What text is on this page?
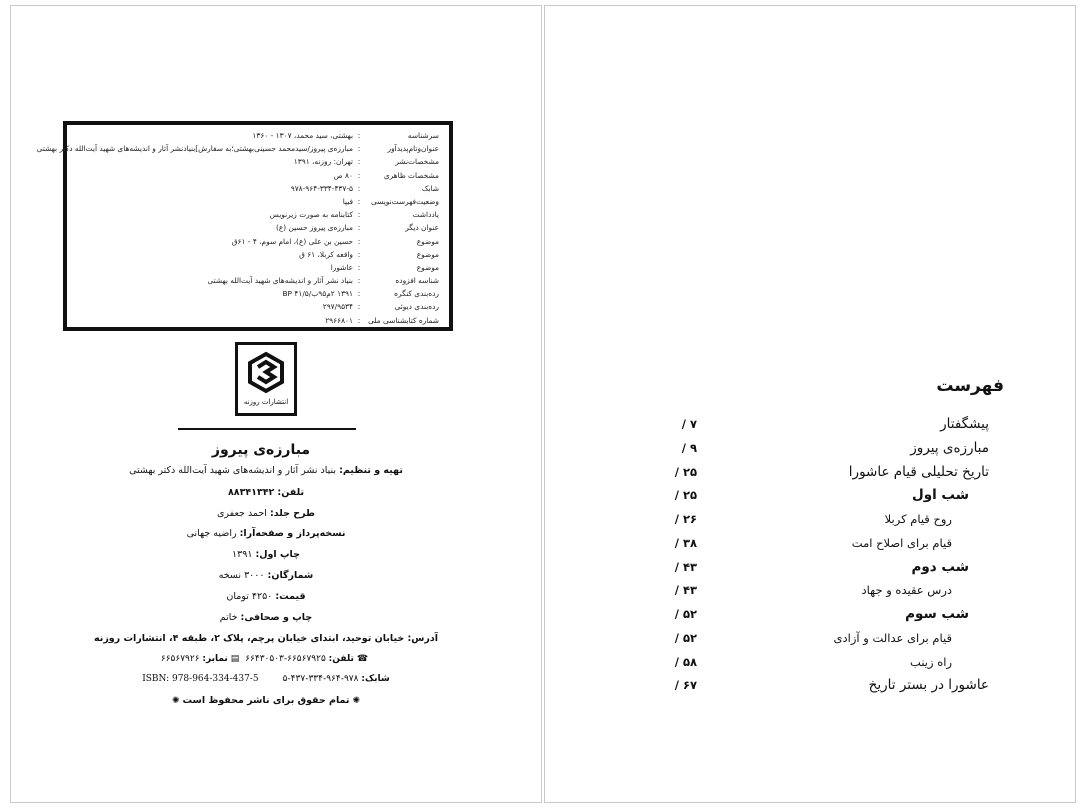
سرشناسه
:
بهشتی، سید محمد، ۱۳۰۷ - ۱۳۶۰
عنوان‌وتام‌پدیدآور
:
مبارزه‌ی پیروز/سیدمحمد حسینی‌بهشتی؛به سفارش]بنیادنشر آثار و اندیشه‌های شهید آیت‌الله دکتر بهشتی
مشخصات‌نشر
:
تهران: روزنه، ۱۳۹۱
مشخصات ظاهری
:
۸۰ ص
شابک
:
۹۷۸-۹۶۴-۳۳۴-۴۳۷-۵
وضعیت‌فهرست‌نویسی
:
فیپا
یادداشت
:
کتابنامه به صورت زیرنویس
عنوان دیگر
:
مبارزه‌ی پیروز حسین (ع)
موضوع
:
حسین بن علی (ع)، امام سوم، ۴ - ۶۱ق
موضوع
:
واقعه کربلا، ۶۱ ق
موضوع
:
عاشورا
شناسه افزوده
:
بنیاد نشر آثار و اندیشه‌های شهید آیت‌الله بهشتی
رده‌بندی کنگره
:
۱۳۹۱ ۲م۹۵ب/۴۱/۵ BP
رده‌بندی دیوئی
:
۲۹۷/۹۵۳۴
شماره کتابشناسی ملی
:
۲۹۶۶۸۰۱
انتشارات روزنه
مبارزه‌ی پیروز
تهیه و تنظیم: بنیاد نشر آثار و اندیشه‌های شهید آیت‌الله دکتر بهشتی
تلفن: ۸۸۳۴۱۳۴۲
طرح جلد: احمد جعفری
نسخه‌پرداز و صفحه‌آرا: راضیه جهانی
چاپ اول: ۱۳۹۱
شمارگان: ۳۰۰۰ نسخه
قیمت: ۴۲۵۰ تومان
چاپ و صحافی: خاتم
آدرس: خیابان توحید، ابتدای خیابان پرچم، پلاک ۲، طبقه ۴، انتشارات روزنه
☎تلفن: ۶۶۵۶۷۹۲۵-۶۶۴۳۰۵۰۳ ▤نمابر: ۶۶۵۶۷۹۲۶
شابک: ۹۷۸-۹۶۴-۳۳۴-۴۳۷-۵ISBN: 978-964-334-437-5
✺تمام حقوق برای ناشر محفوظ است✺
فهرست
پیشگفتار
۷ /
مبارزه‌ی پیروز
۹ /
تاریخ تحلیلی قیام عاشورا
۲۵ /
شب اول
۲۵ /
روح قیام کربلا
۲۶ /
قیام برای اصلاح امت
۳۸ /
شب دوم
۴۳ /
درس عقیده و جهاد
۴۳ /
شب سوم
۵۲ /
قیام برای عدالت و آزادی
۵۲ /
راه زینب
۵۸ /
عاشورا در بستر تاریخ
۶۷ /
